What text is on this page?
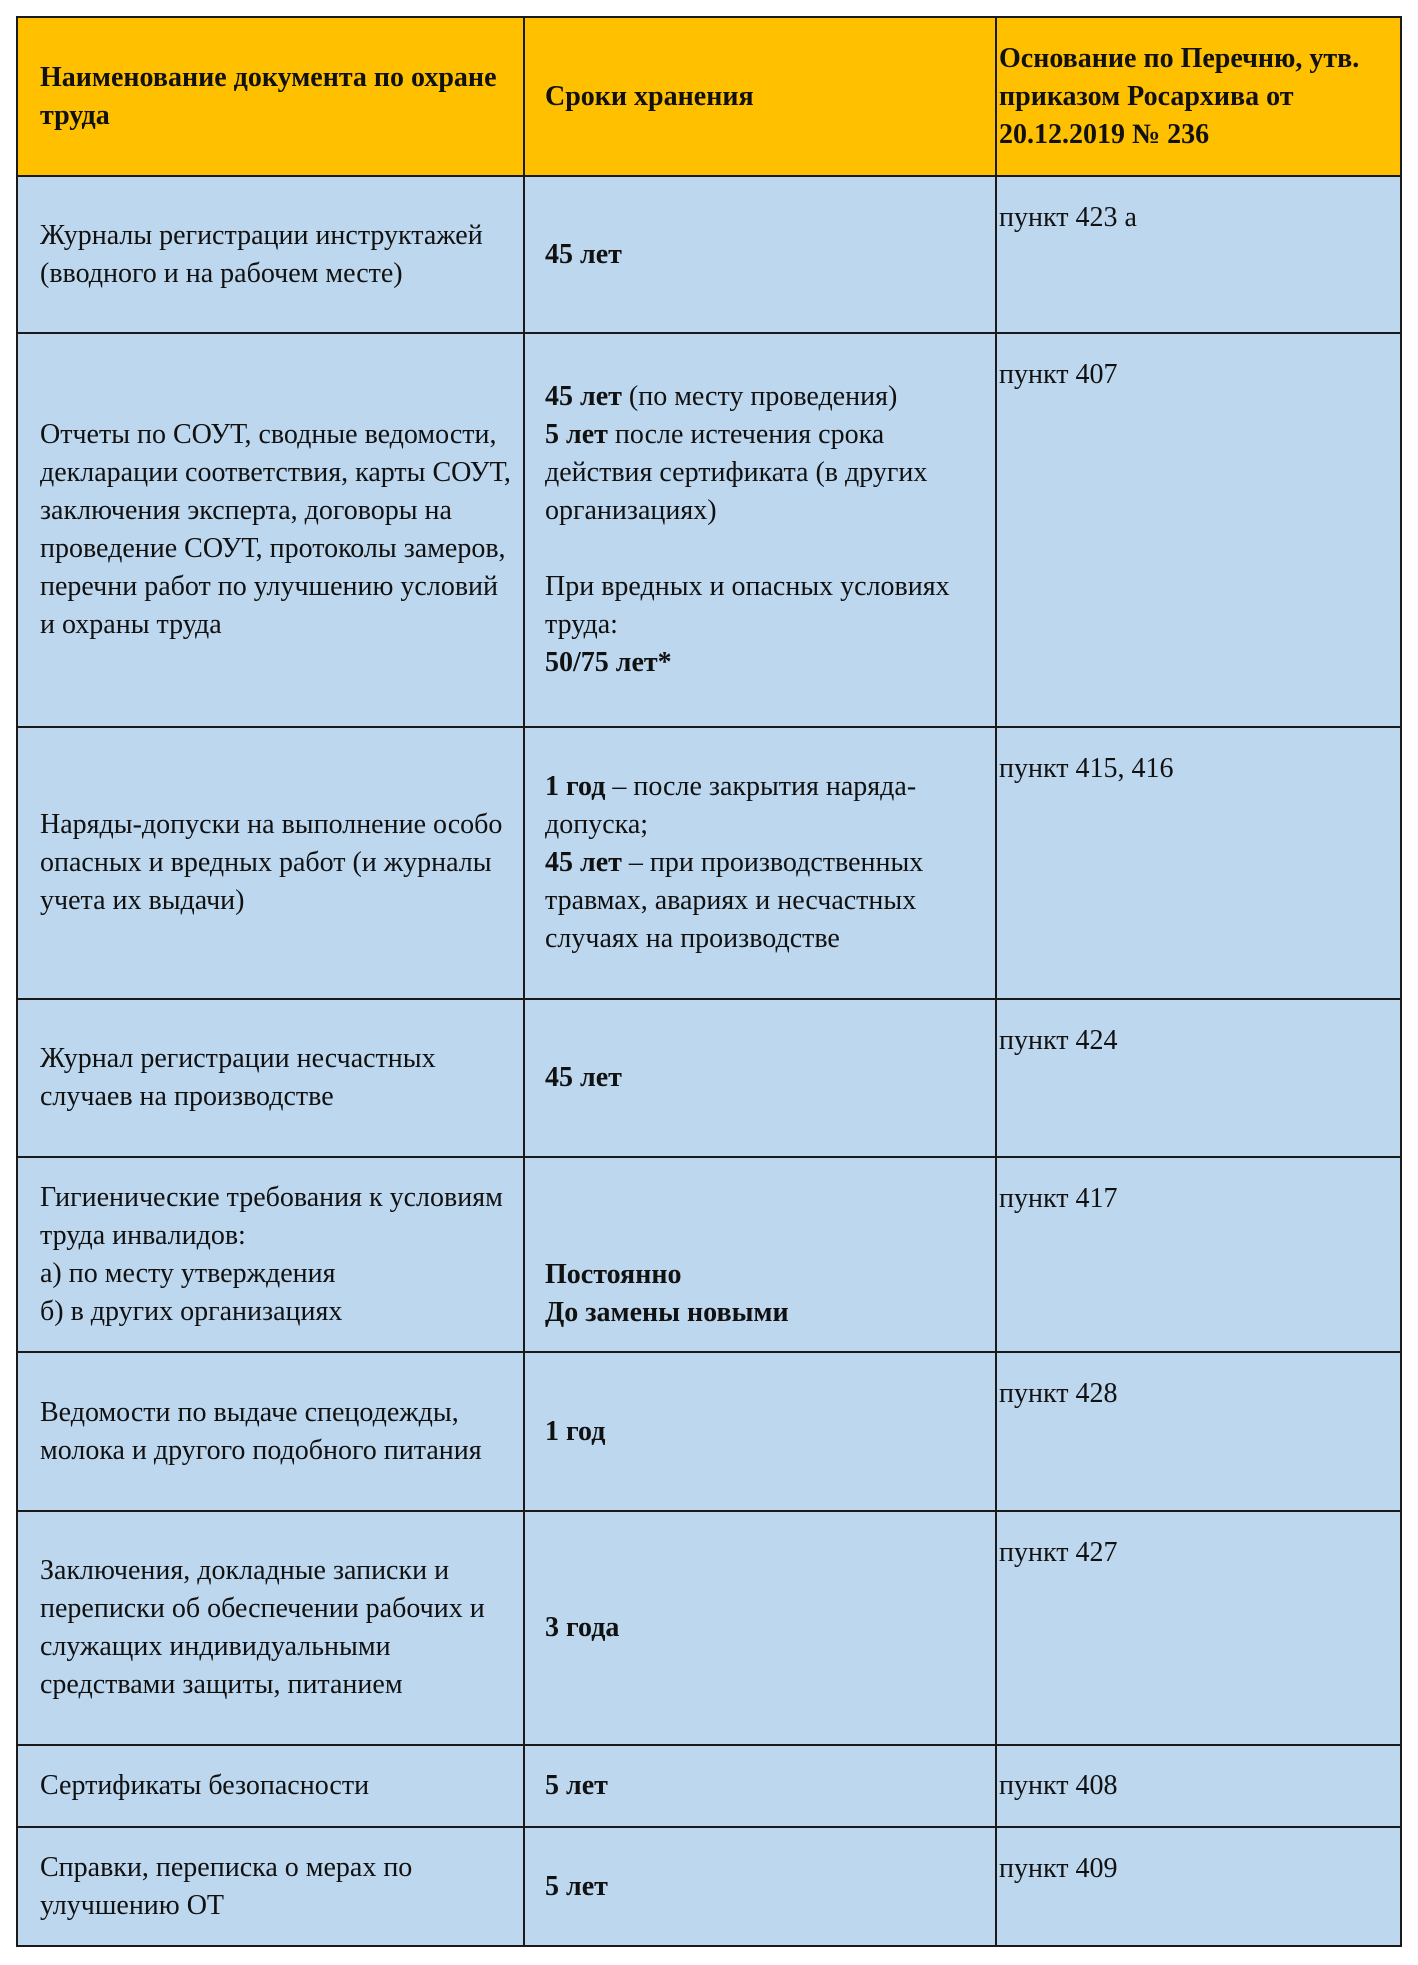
Наименование документа по охране труда	Сроки хранения	Основание по Перечню, утв. приказом Росархива от 20.12.2019 № 236
Журналы регистрации инструктажей (вводного и на рабочем месте)	45 лет	пункт 423 а

Отчеты по СОУТ, сводные ведомости, декларации соответствия, карты СОУТ, заключения эксперта, договоры на проведение СОУТ, протоколы замеров, перечни работ по улучшению условий и охраны труда	45 лет (по месту проведения)
5 лет после истечения срока действия сертификата (в других организациях)
При вредных и опасных условиях труда:
50/75 лет*	пункт 407

Наряды-допуски на выполнение особо опасных и вредных работ (и журналы учета их выдачи)	1 год – после закрытия наряда-допуска;
45 лет – при производственных травмах, авариях и несчастных случаях на производстве	пункт 415, 416

Журнал регистрации несчастных случаев на производстве	45 лет	пункт 424

Гигиенические требования к условиям труда инвалидов:
а) по месту утверждения
б) в других организациях	Постоянно
До замены новыми	пункт 417

Ведомости по выдаче спецодежды, молока и другого подобного питания	1 год	пункт 428

Заключения, докладные записки и переписки об обеспечении рабочих и служащих индивидуальными средствами защиты, питанием	3 года	пункт 427

Сертификаты безопасности	5 лет	пункт 408
Справки, переписка о мерах по улучшению ОТ	5 лет	пункт 409
